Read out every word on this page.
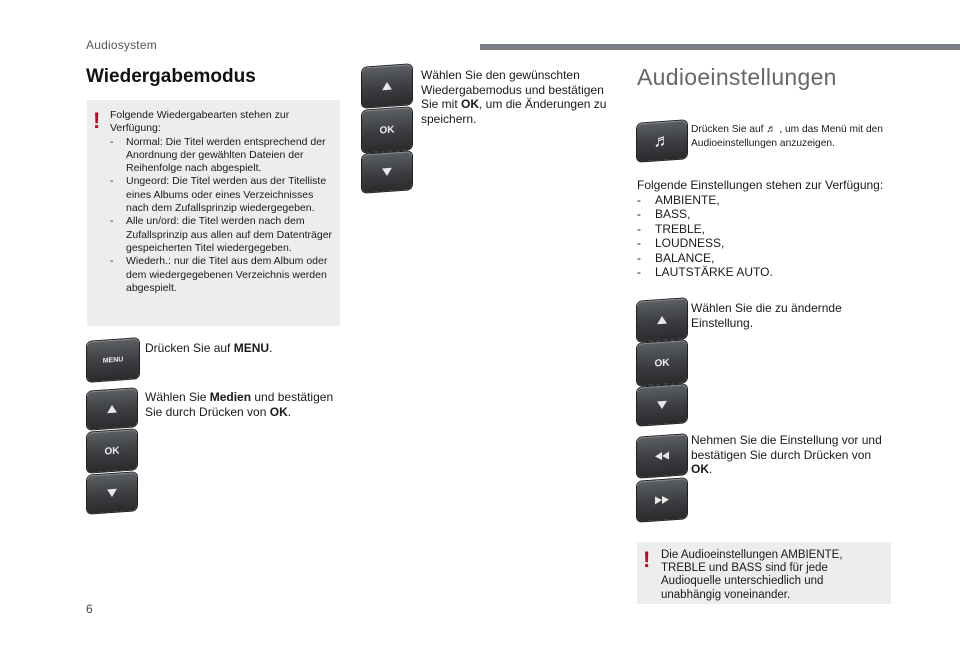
Audiosystem
Wiedergabemodus
! Folgende Wiedergabearten stehen zur Verfügung:

- Normal: Die Titel werden entsprechend der Anordnung der gewählten Dateien der Reihenfolge nach abgespielt.
- Ungeord: Die Titel werden aus der Titelliste eines Albums oder eines Verzeichnisses nach dem Zufallsprinzip wiedergegeben.
- Alle un/ord: die Titel werden nach dem Zufallsprinzip aus allen auf dem Datenträger gespeicherten Titel wiedergegeben.
- Wiederh.: nur die Titel aus dem Album oder dem wiedergegebenen Verzeichnis werden abgespielt.
MENU
Drücken Sie auf MENU.
OK
Wählen Sie Medien und bestätigen Sie durch Drücken von OK.
OK
Wählen Sie den gewünschten Wiedergabemodus und bestätigen Sie mit OK, um die Änderungen zu speichern.
Audioeinstellungen
♬
Drücken Sie auf ♬ , um das Menü mit den Audioeinstellungen anzuzeigen.
Folgende Einstellungen stehen zur Verfügung:
- AMBIENTE,
- BASS,
- TREBLE,
- LOUDNESS,
- BALANCE,
- LAUTSTÄRKE AUTO.
OK
Wählen Sie die zu ändernde Einstellung.
Nehmen Sie die Einstellung vor und bestätigen Sie durch Drücken von OK.
! Die Audioeinstellungen AMBIENTE, TREBLE und BASS sind für jede Audioquelle unterschiedlich und unabhängig voneinander.
6
